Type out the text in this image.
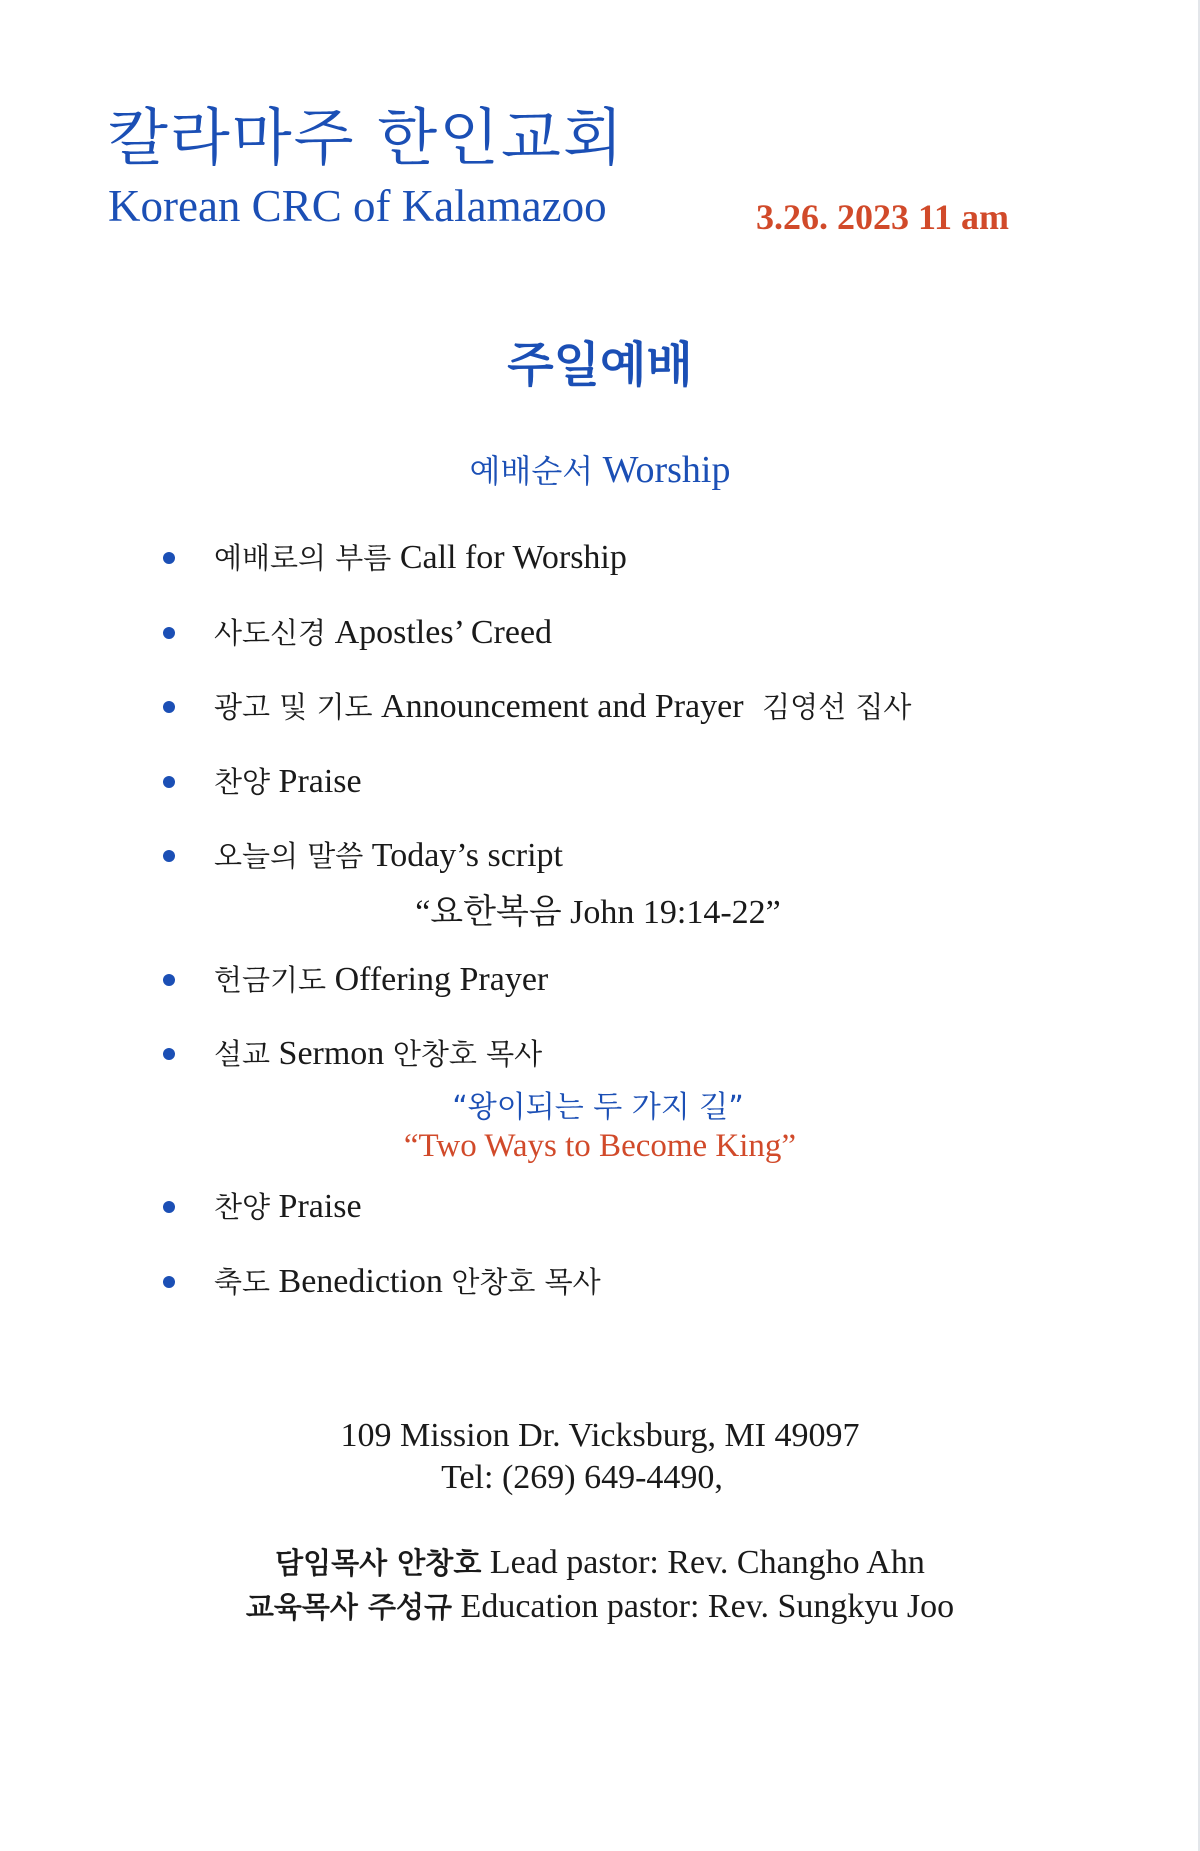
칼라마주 한인교회
Korean CRC of Kalamazoo	3.26. 2023 11 am
주일예배
예배순서 Worship
예배로의 부름 Call for Worship
사도신경 Apostles’ Creed
광고 및 기도 Announcement and Prayer 김영선 집사
찬양 Praise
오늘의 말씀 Today’s script
“요한복음 John 19:14-22”
헌금기도 Offering Prayer
설교 Sermon 안창호 목사
“왕이되는 두 가지 길”
“Two Ways to Become King”
찬양 Praise
축도 Benediction 안창호 목사
109 Mission Dr. Vicksburg, MI 49097
Tel: (269) 649-4490,
담임목사 안창호 Lead pastor: Rev. Changho Ahn
교육목사 주성규 Education pastor: Rev. Sungkyu Joo
